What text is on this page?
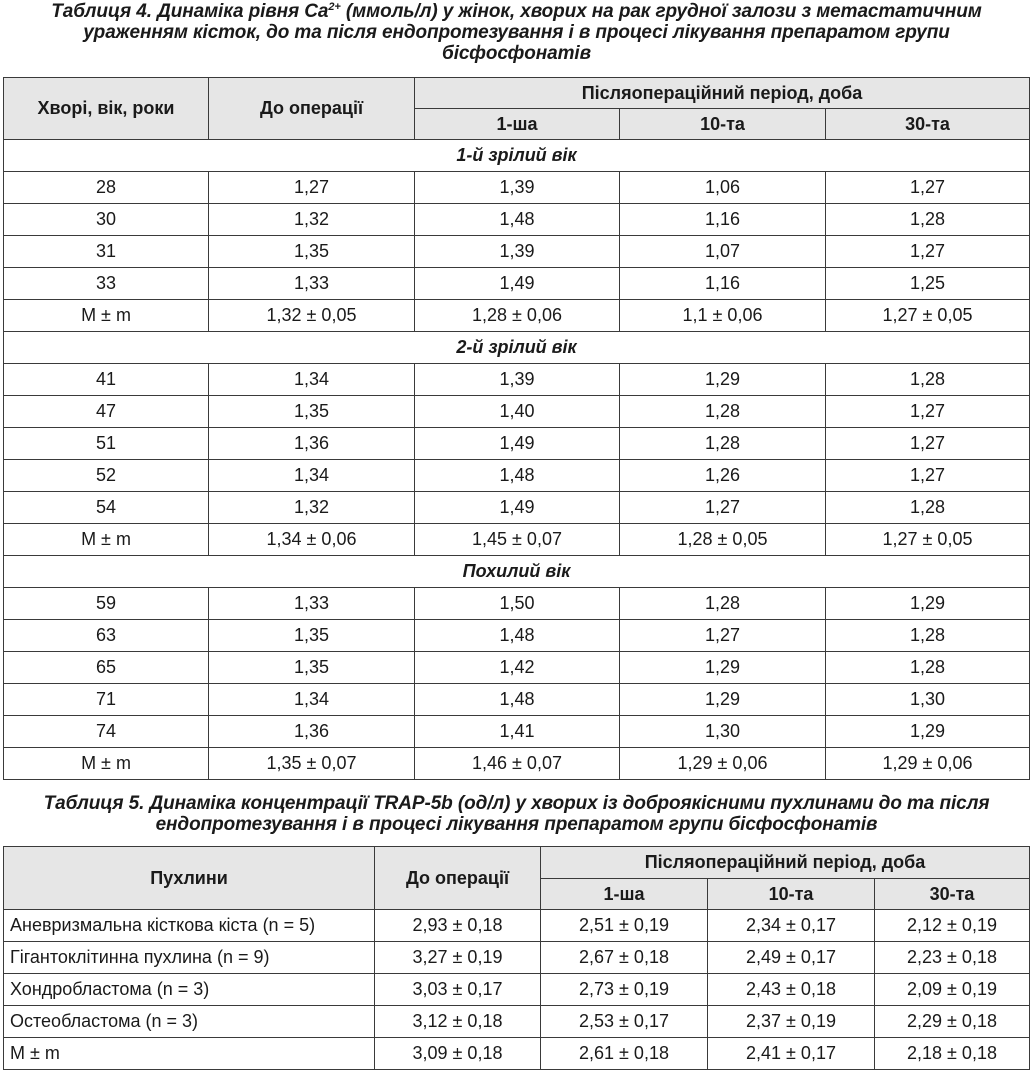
Таблиця 4. Динаміка рівня $Ca^{2+}$ (ммоль/л) у жінок, хворих на рак грудної залози з метастатичним
ураженням кісток, до та після ендопротезування і в процесі лікування препаратом групи
бісфосфонатів
Хворі, вік, роки	До операції	Післяопераційний період, доба		
		1-ша	10-та	30-та
1-й зрілий вік				
28	1,27	1,39	1,06	1,27
30	1,32	1,48	1,16	1,28
31	1,35	1,39	1,07	1,27
33	1,33	1,49	1,16	1,25
M ± m	1,32 ± 0,05	1,28 ± 0,06	1,1 ± 0,06	1,27 ± 0,05
2-й зрілий вік				
41	1,34	1,39	1,29	1,28
47	1,35	1,40	1,28	1,27
51	1,36	1,49	1,28	1,27
52	1,34	1,48	1,26	1,27
54	1,32	1,49	1,27	1,28
M ± m	1,34 ± 0,06	1,45 ± 0,07	1,28 ± 0,05	1,27 ± 0,05
Похилий вік				
59	1,33	1,50	1,28	1,29
63	1,35	1,48	1,27	1,28
65	1,35	1,42	1,29	1,28
71	1,34	1,48	1,29	1,30
74	1,36	1,41	1,30	1,29
M ± m	1,35 ± 0,07	1,46 ± 0,07	1,29 ± 0,06	1,29 ± 0,06
Таблиця 5. Динаміка концентрації TRAP-5b (од/л) у хворих із доброякісними пухлинами до та після
ендопротезування і в процесі лікування препаратом групи бісфосфонатів
Пухлини	До операції	Післяопераційний період, доба		
		1-ша	10-та	30-та
Аневризмальна кісткова кіста (n = 5)	2,93 ± 0,18	2,51 ± 0,19	2,34 ± 0,17	2,12 ± 0,19
Гігантоклітинна пухлина (n = 9)	3,27 ± 0,19	2,67 ± 0,18	2,49 ± 0,17	2,23 ± 0,18
Хондробластома (n = 3)	3,03 ± 0,17	2,73 ± 0,19	2,43 ± 0,18	2,09 ± 0,19
Остеобластома (n = 3)	3,12 ± 0,18	2,53 ± 0,17	2,37 ± 0,19	2,29 ± 0,18
M ± m	3,09 ± 0,18	2,61 ± 0,18	2,41 ± 0,17	2,18 ± 0,18
